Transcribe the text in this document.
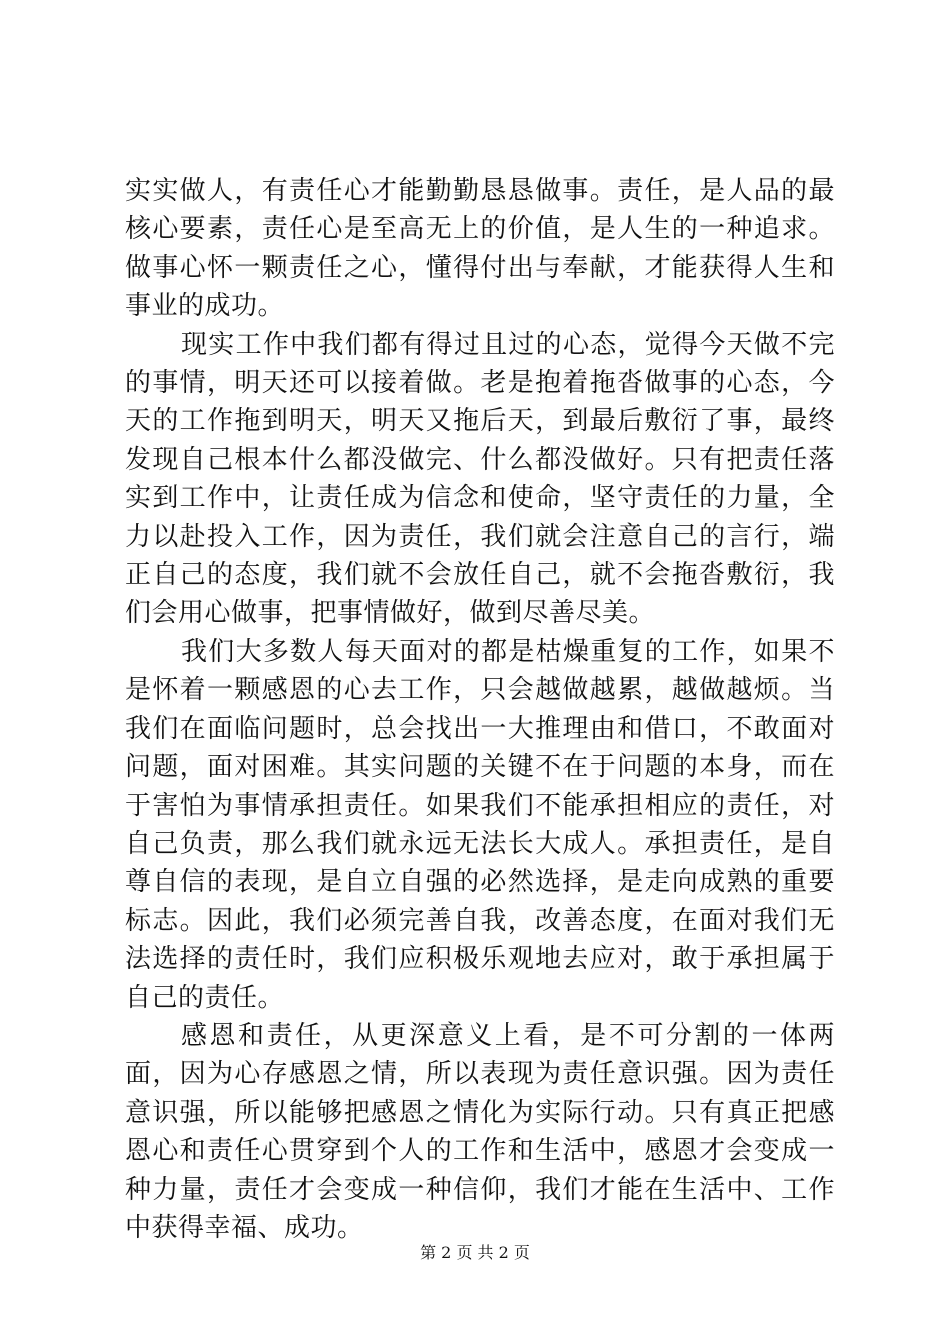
实实做人，有责任心才能勤勤恳恳做事。责任，是人品的最核心要素，责任心是至高无上的价值，是人生的一种追求。做事心怀一颗责任之心，懂得付出与奉献，才能获得人生和事业的成功。

现实工作中我们都有得过且过的心态，觉得今天做不完的事情，明天还可以接着做。老是抱着拖沓做事的心态，今天的工作拖到明天，明天又拖后天，到最后敷衍了事，最终发现自己根本什么都没做完、什么都没做好。只有把责任落实到工作中，让责任成为信念和使命，坚守责任的力量，全力以赴投入工作，因为责任，我们就会注意自己的言行，端正自己的态度，我们就不会放任自己，就不会拖沓敷衍，我们会用心做事，把事情做好，做到尽善尽美。

我们大多数人每天面对的都是枯燥重复的工作，如果不是怀着一颗感恩的心去工作，只会越做越累，越做越烦。当我们在面临问题时，总会找出一大推理由和借口，不敢面对问题，面对困难。其实问题的关键不在于问题的本身，而在于害怕为事情承担责任。如果我们不能承担相应的责任，对自己负责，那么我们就永远无法长大成人。承担责任，是自尊自信的表现，是自立自强的必然选择，是走向成熟的重要标志。因此，我们必须完善自我，改善态度，在面对我们无法选择的责任时，我们应积极乐观地去应对，敢于承担属于自己的责任。

感恩和责任，从更深意义上看，是不可分割的一体两面，因为心存感恩之情，所以表现为责任意识强。因为责任意识强，所以能够把感恩之情化为实际行动。只有真正把感恩心和责任心贯穿到个人的工作和生活中，感恩才会变成一种力量，责任才会变成一种信仰，我们才能在生活中、工作中获得幸福、成功。

第 2 页 共 2 页
